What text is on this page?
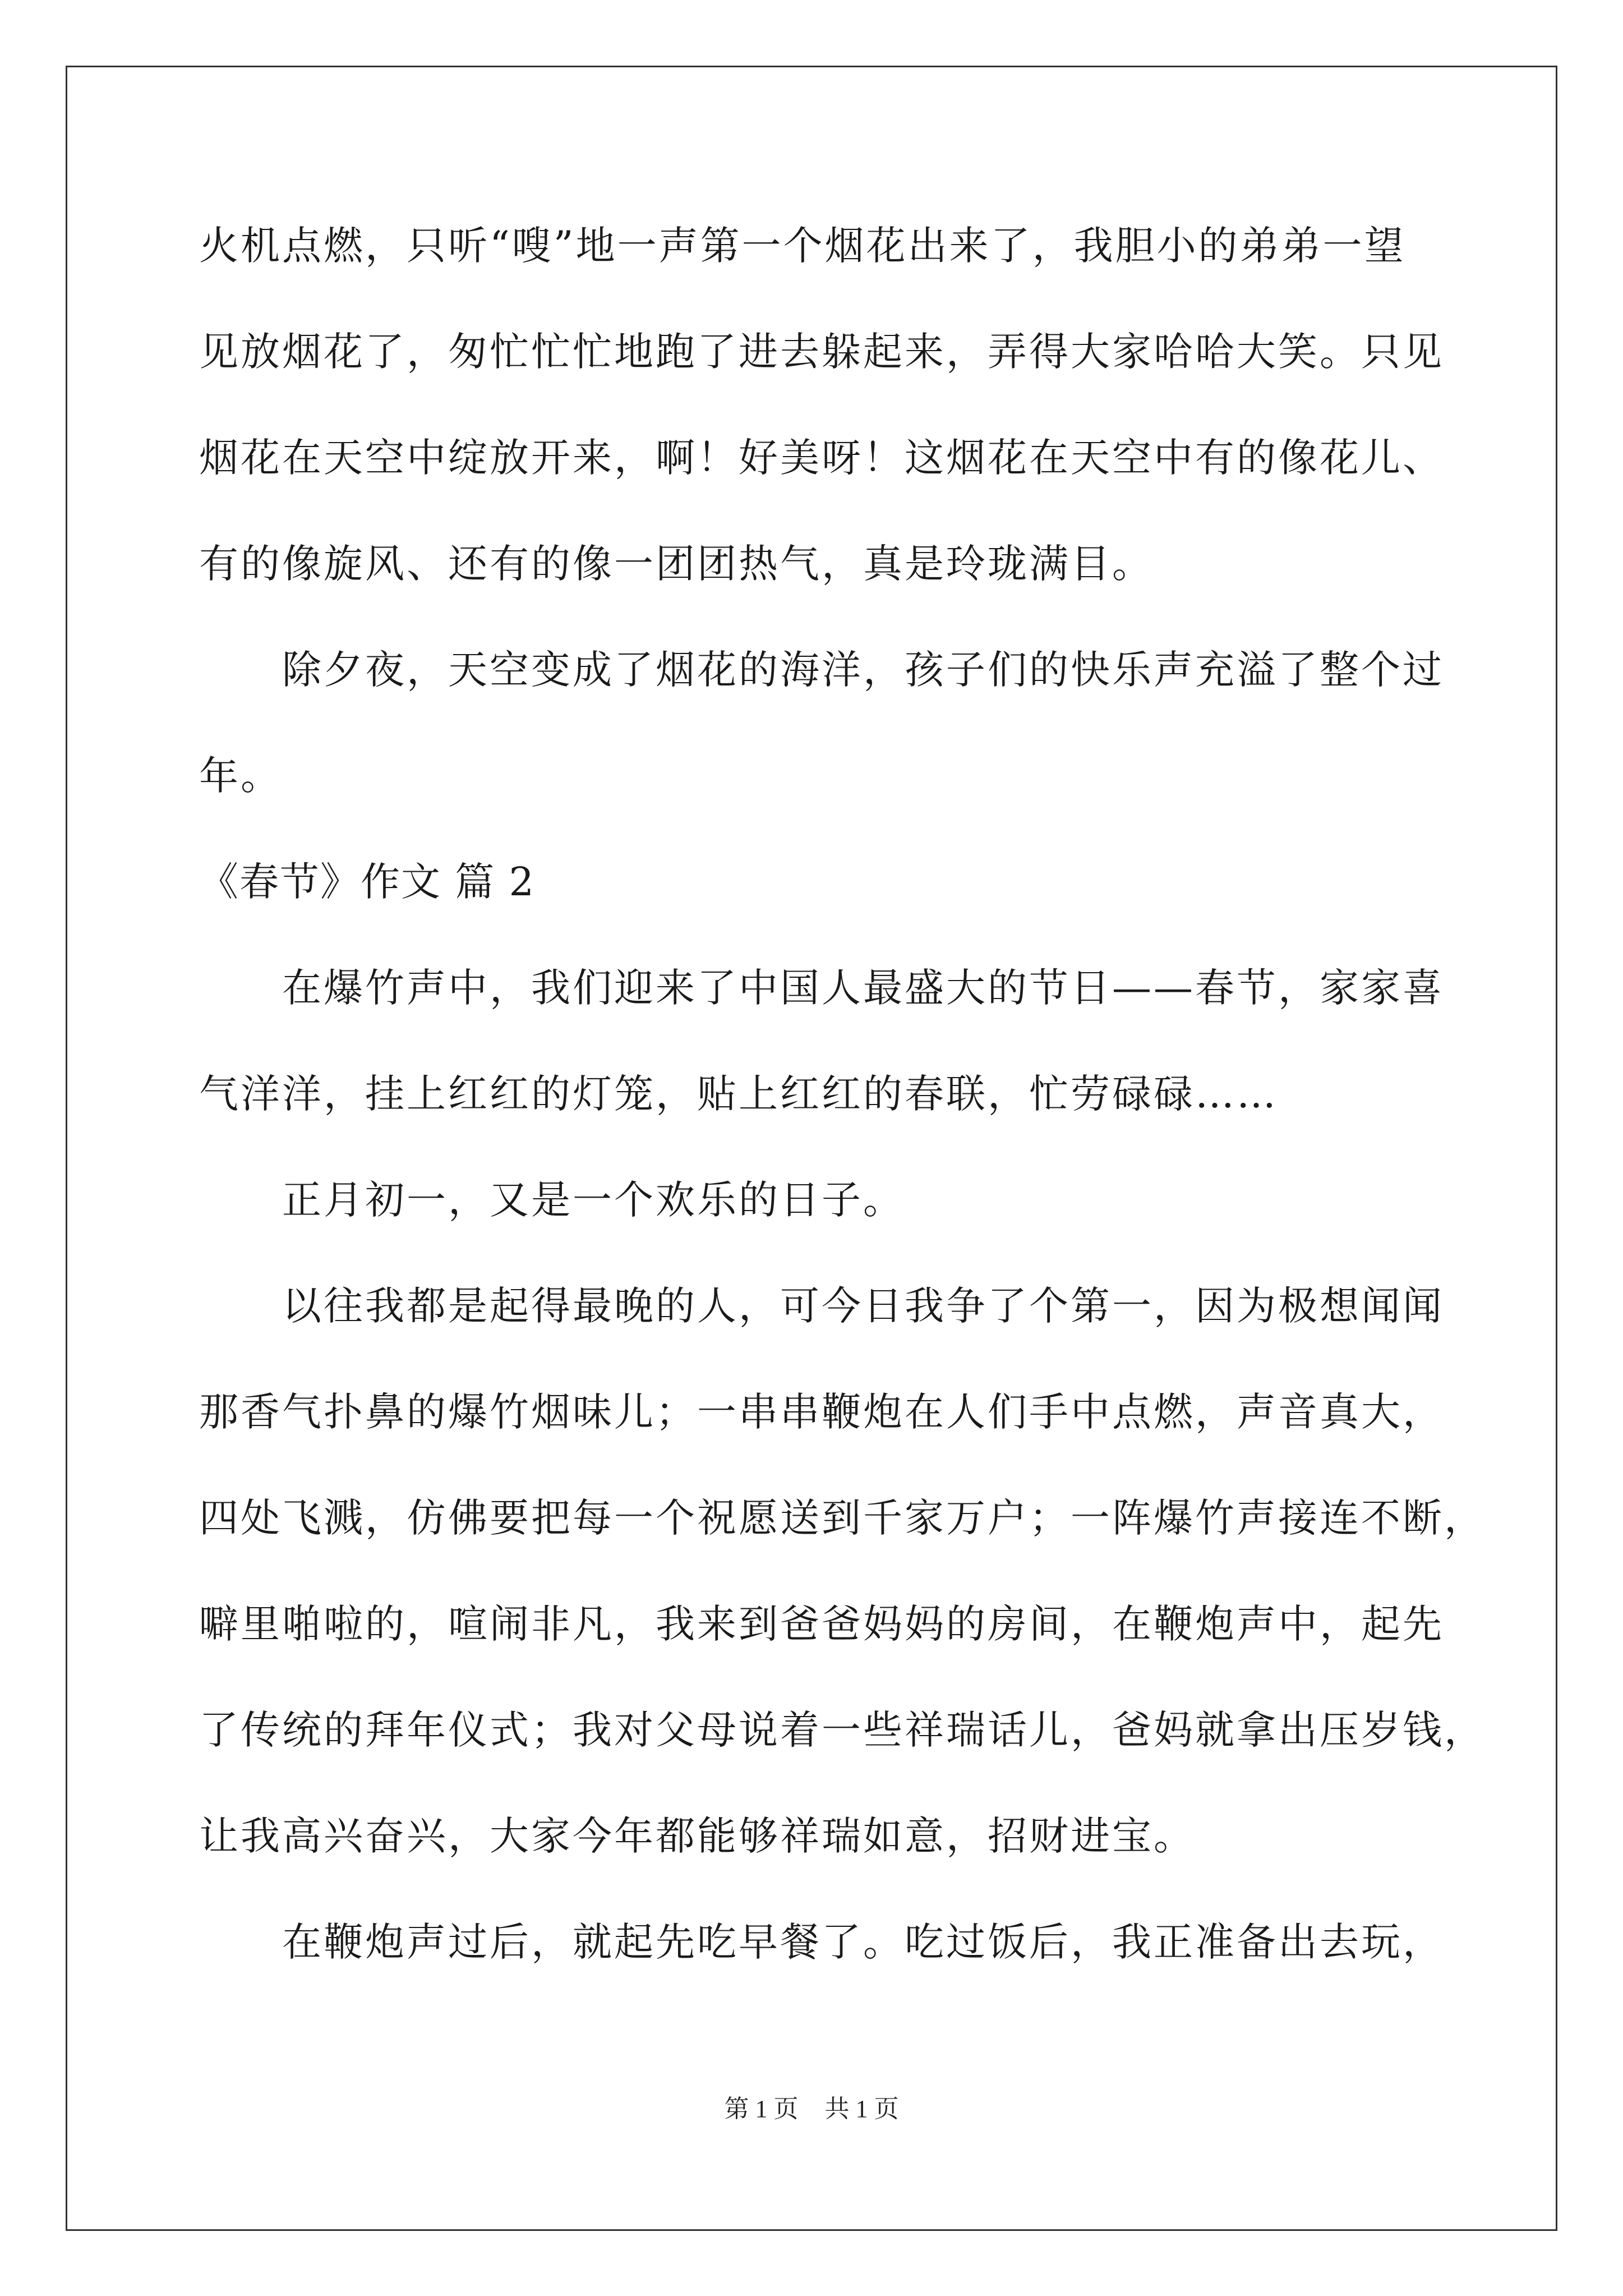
火机点燃，只听“嗖”地一声第一个烟花出来了，我胆小的弟弟一望
见放烟花了，匆忙忙忙地跑了进去躲起来，弄得大家哈哈大笑。只见
烟花在天空中绽放开来，啊！好美呀！这烟花在天空中有的像花儿、
有的像旋风、还有的像一团团热气，真是玲珑满目。
除夕夜，天空变成了烟花的海洋，孩子们的快乐声充溢了整个过
年。
《春节》作文 篇 2
在爆竹声中，我们迎来了中国人最盛大的节日——春节，家家喜
气洋洋，挂上红红的灯笼，贴上红红的春联，忙劳碌碌……
正月初一，又是一个欢乐的日子。
以往我都是起得最晚的人，可今日我争了个第一，因为极想闻闻
那香气扑鼻的爆竹烟味儿；一串串鞭炮在人们手中点燃，声音真大，
四处飞溅，仿佛要把每一个祝愿送到千家万户；一阵爆竹声接连不断，
噼里啪啦的，喧闹非凡，我来到爸爸妈妈的房间，在鞭炮声中，起先
了传统的拜年仪式；我对父母说着一些祥瑞话儿，爸妈就拿出压岁钱，
让我高兴奋兴，大家今年都能够祥瑞如意，招财进宝。
在鞭炮声过后，就起先吃早餐了。吃过饭后，我正准备出去玩，
第 1 页 共 1 页
